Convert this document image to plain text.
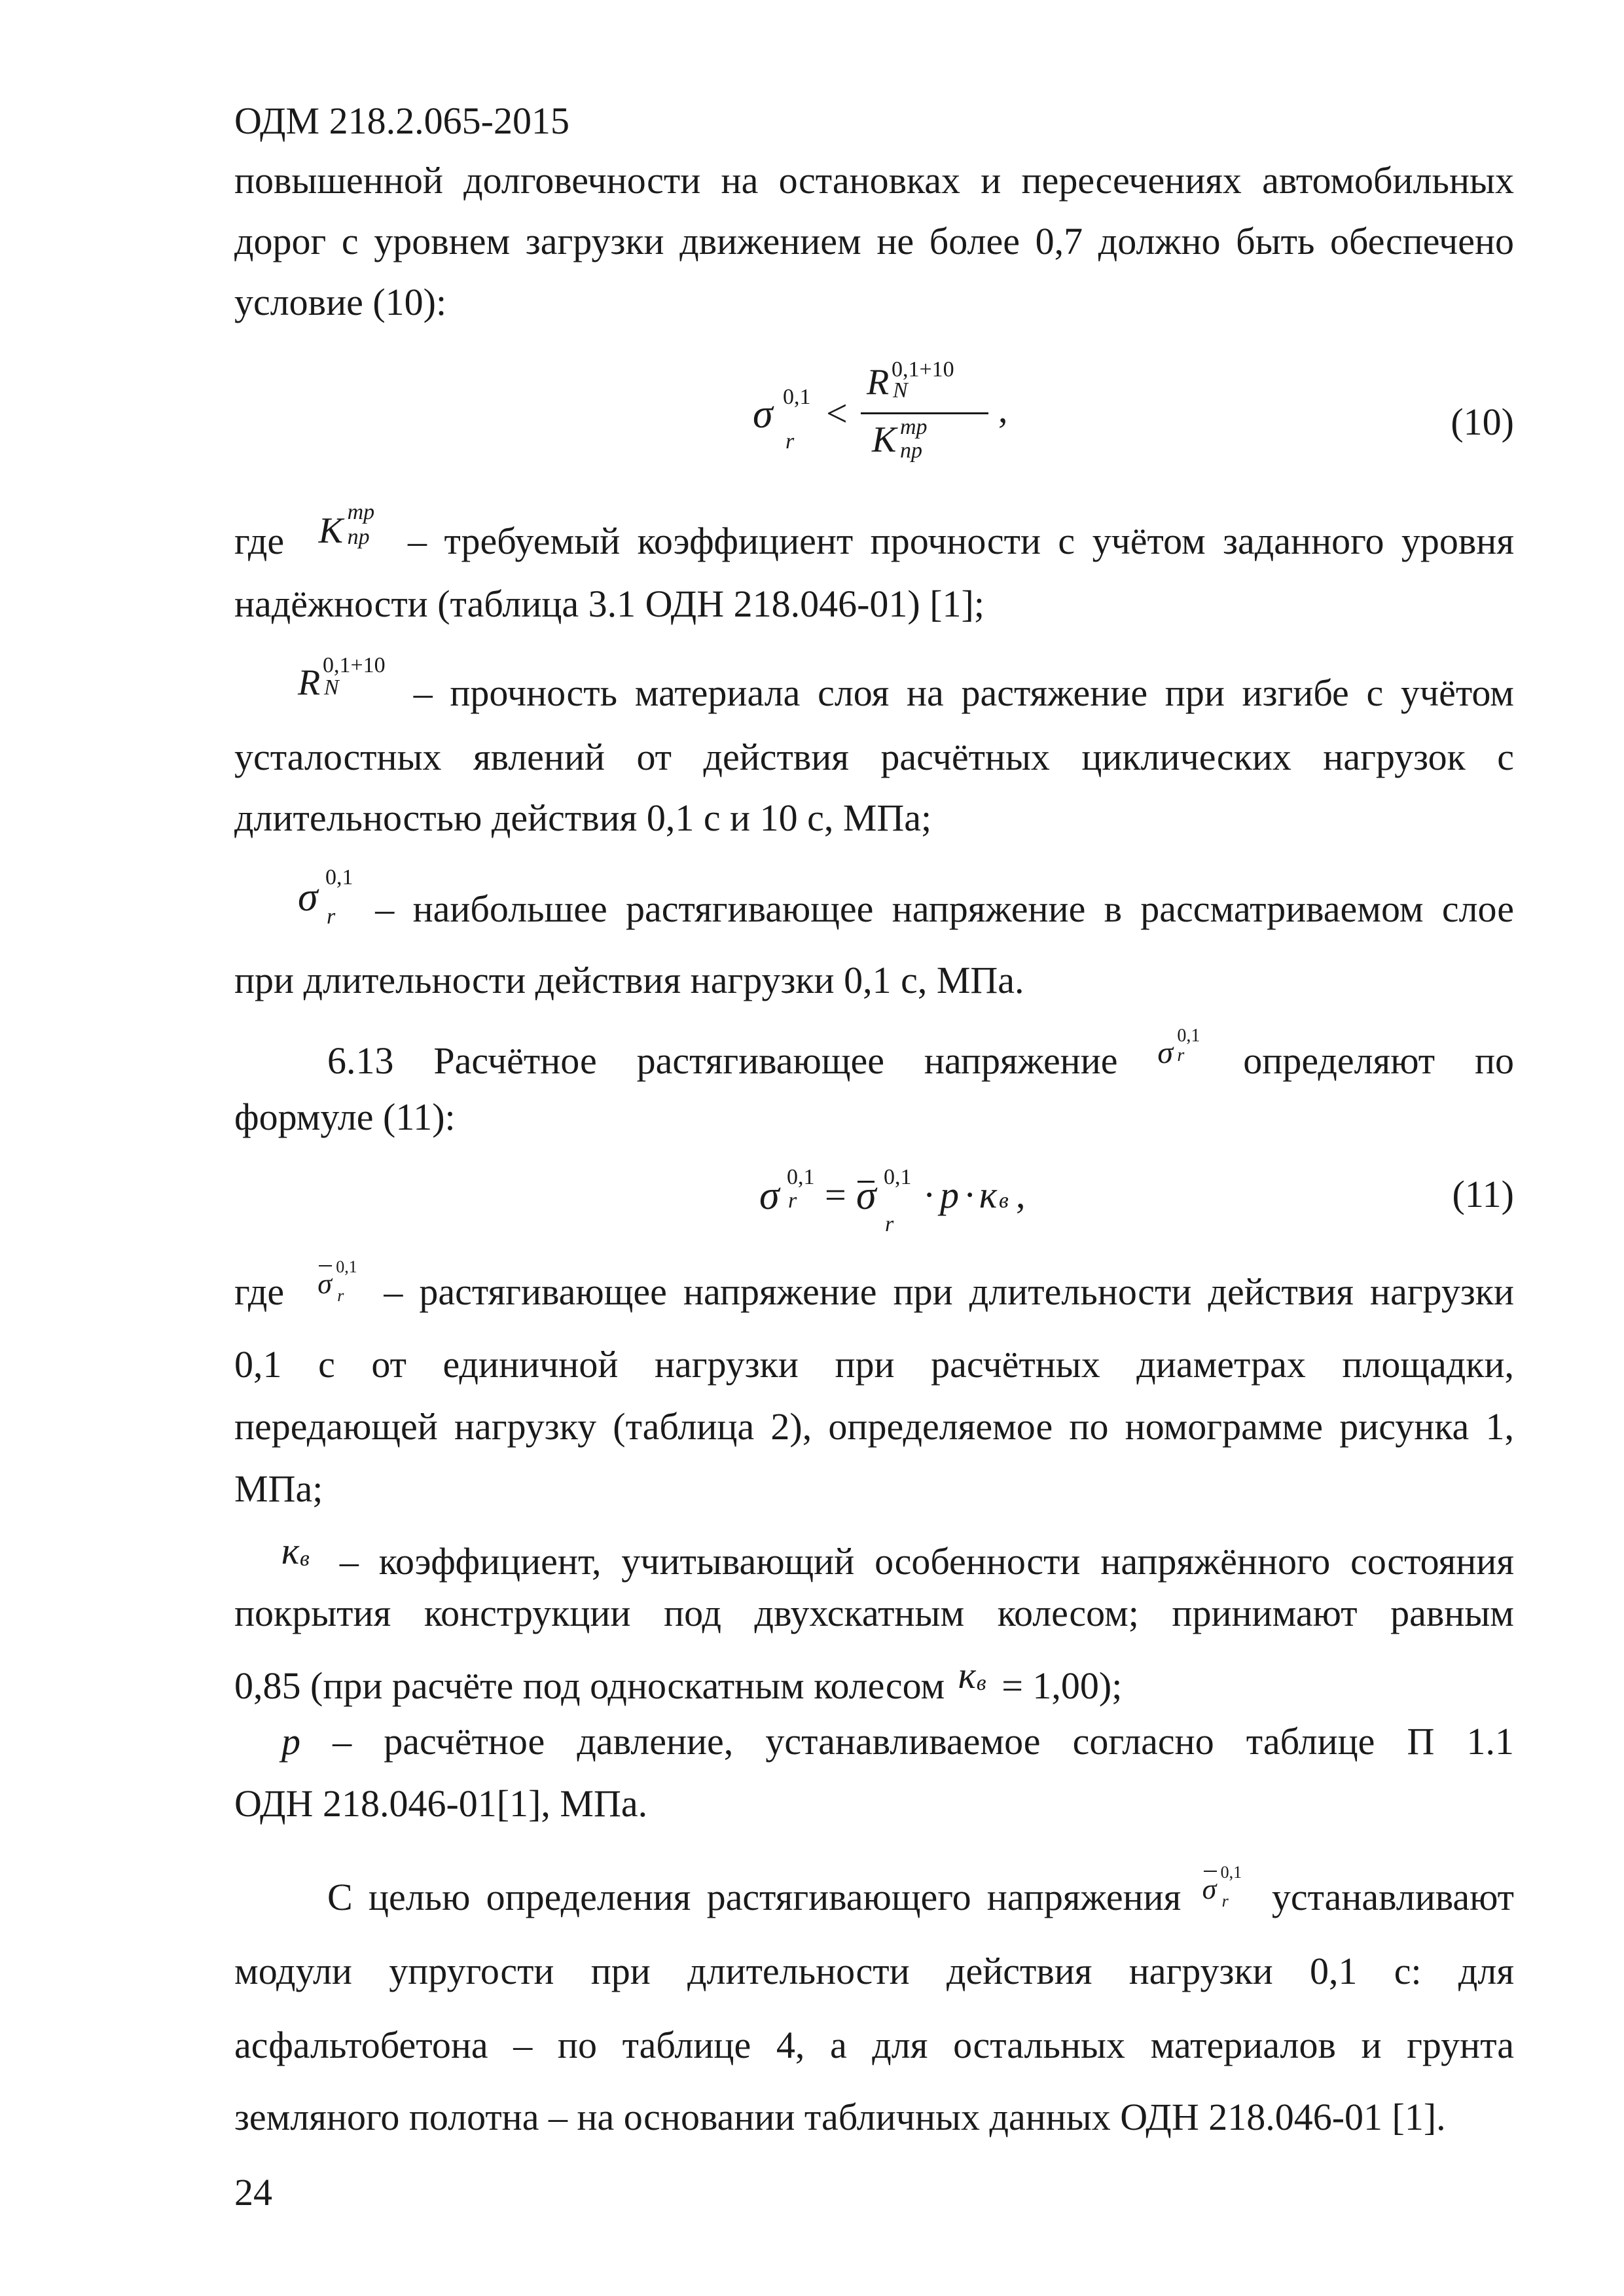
ОДМ 218.2.065-2015
повышенной долговечности на остановках и пересечениях автомобильных
дорог с уровнем загрузки движением не более 0,7 должно быть обеспечено
условие (10):
σ 0,1
r
<
R 0,1+10
N
K тр
пр
,	(10)
где K тр
пр – требуемый коэффициент прочности с учётом заданного уровня
надёжности (таблица 3.1 ОДН 218.046-01) [1];
R 0,1+10
N – прочность материала слоя на растяжение при изгибе с учётом
усталостных явлений от действия расчётных циклических нагрузок с
длительностью действия 0,1 с и 10 с, МПа;
σ 0,1
r – наибольшее растягивающее напряжение в рассматриваемом слое
при длительности действия нагрузки 0,1 с, МПа.
6.13 Расчётное растягивающее напряжение σ 0,1
r определяют по
формуле (11):
σ 0,1
r = σ 0,1
r
· p · к в ,	(11)
где σ
0,1
r – растягивающее напряжение при длительности действия нагрузки
0,1 с от единичной нагрузки при расчётных диаметрах площадки,
передающей нагрузку (таблица 2), определяемое по номограмме рисунка 1,
МПа;
к в – коэффициент, учитывающий особенности напряжённого состояния
покрытия конструкции под двухскатным колесом; принимают равным
0,85 (при расчёте под односкатным колесом к в = 1,00);
p – расчётное давление, устанавливаемое согласно таблице П 1.1
ОДН 218.046-01[1], МПа.
С целью определения растягивающего напряжения σ
0,1
r устанавливают
модули упругости при длительности действия нагрузки 0,1 с: для
асфальтобетона – по таблице 4, а для остальных материалов и грунта
земляного полотна – на основании табличных данных ОДН 218.046-01 [1].
24
